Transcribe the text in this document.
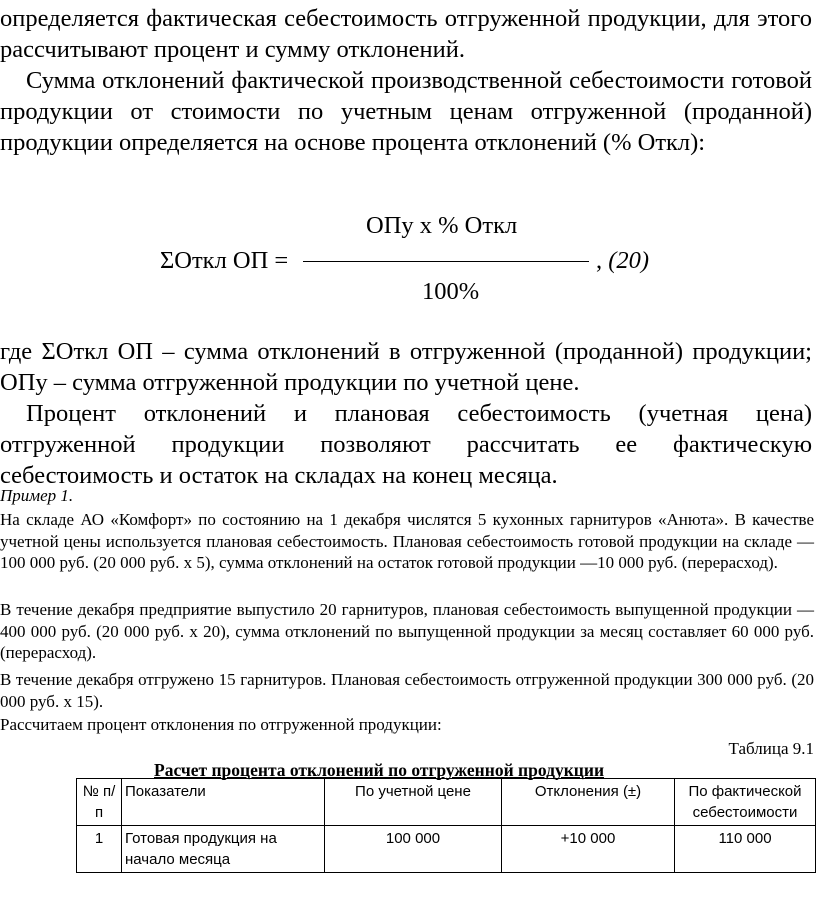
определяется фактическая себестоимость отгруженной продукции, для этого рассчитывают процент и сумму отклонений.

Сумма отклонений фактической производственной себестоимости готовой продукции от стоимости по учетным ценам отгруженной (проданной) продукции определяется на основе процента отклонений (% Откл):

ОПу х % Откл
ΣОткл ОП =	, (20)
100%

где ΣОткл ОП – сумма отклонений в отгруженной (проданной) продукции; ОПу – сумма отгруженной продукции по учетной цене.

Процент отклонений и плановая себестоимость (учетная цена) отгруженной продукции позволяют рассчитать ее фактическую себестоимость и остаток на складах на конец месяца.

Пример 1.

На складе АО «Комфорт» по состоянию на 1 декабря числятся 5 кухонных гарнитуров «Анюта». В качестве учетной цены используется плановая себестоимость. Плановая себестоимость готовой продукции на складе — 100 000 руб. (20 000 руб. х 5), сумма отклонений на остаток готовой продукции —10 000 руб. (перерасход).

В течение декабря предприятие выпустило 20 гарнитуров, плановая себестоимость выпущенной продукции — 400 000 руб. (20 000 руб. х 20), сумма отклонений по выпущенной продукции за месяц составляет 60 000 руб. (перерасход).

В течение декабря отгружено 15 гарнитуров. Плановая себестоимость отгруженной продукции 300 000 руб. (20 000 руб. х 15).

Рассчитаем процент отклонения по отгруженной продукции:

Таблица 9.1
Расчет процента отклонений по отгруженной продукции
№ п/п	Показатели	По учетной цене	Отклонения (±)	По фактической себестоимости
1	Готовая продукция на начало месяца	100 000	+10 000	110 000
